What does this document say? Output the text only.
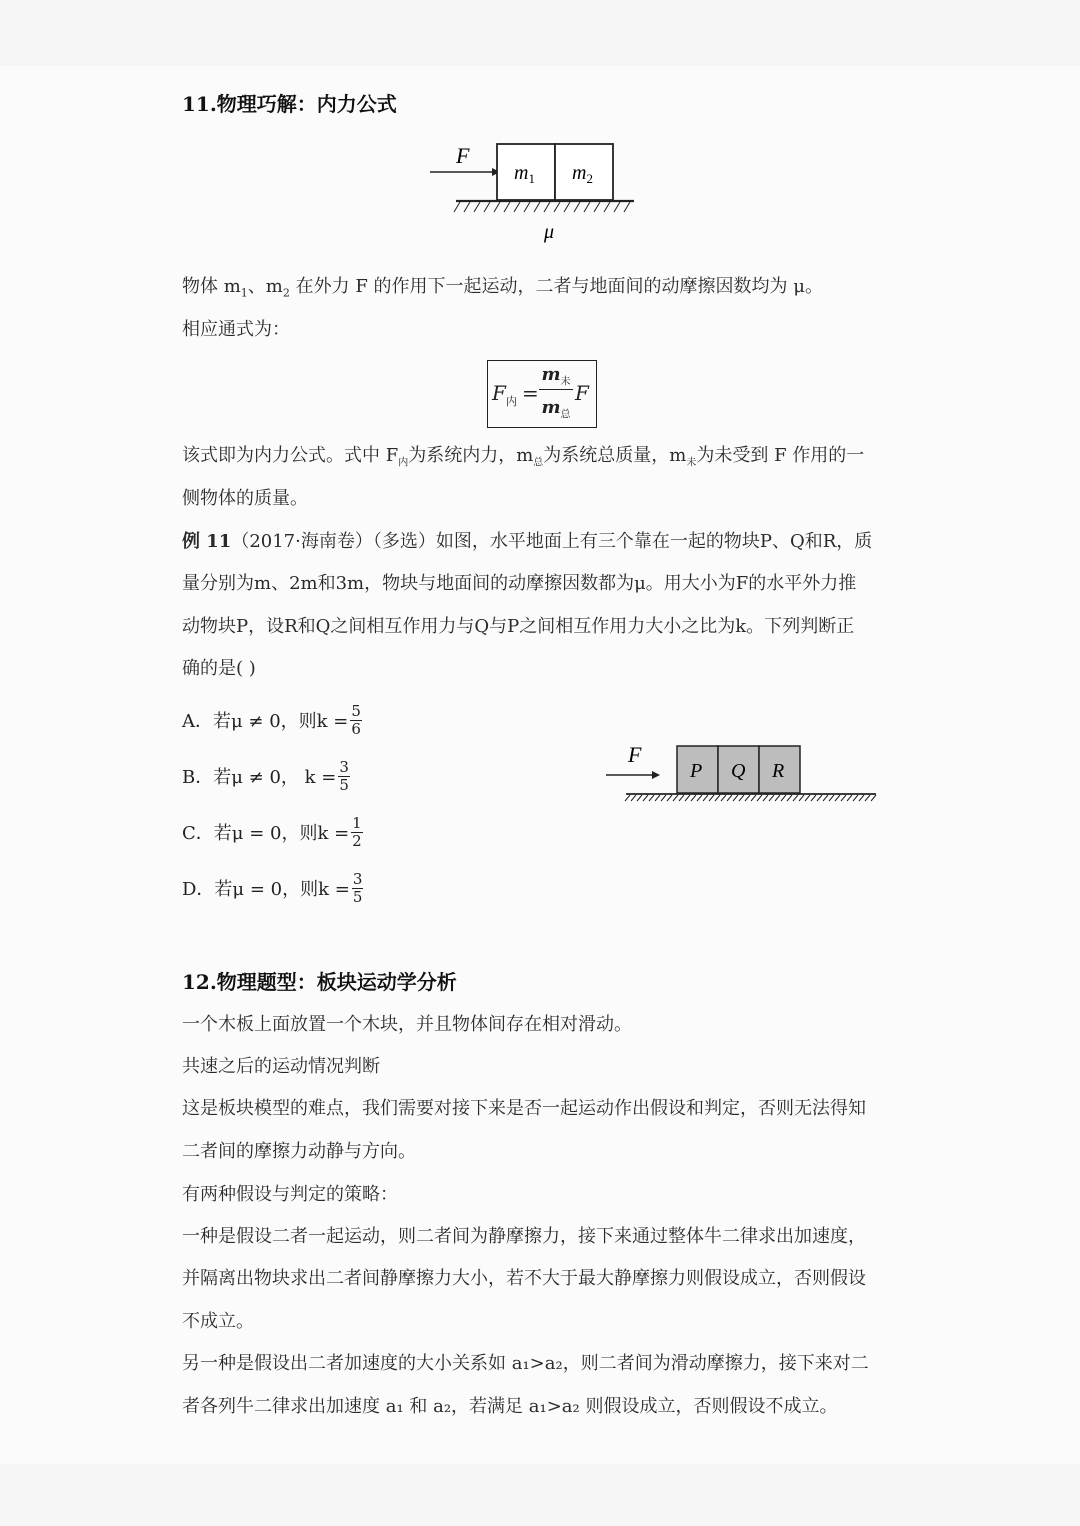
11.物理巧解：内力公式
F
$m_1$ $m_2$
μ
物体 $m_1$、$m_2$ 在外力 F 的作用下一起运动，二者与地面间的动摩擦因数均为 μ。
相应通式为：
$F_内$ =
$m_未$
$m_总$
F
该式即为内力公式。式中 $F_内$为系统内力，$m_总$为系统总质量，$m_未$为未受到 F 作用的一
侧物体的质量。
例 11（2017·海南卷）（多选）如图，水平地面上有三个靠在一起的物块P、Q和R，质
量分别为m、2m和3m，物块与地面间的动摩擦因数都为μ。用大小为F的水平外力推
动物块P，设R和Q之间相互作用力与Q与P之间相互作用力大小之比为k。下列判断正
确的是( )
A．若μ ≠ 0，则$k = \frac{5}{6}$
B．若μ ≠ 0， $k = \frac{3}{5}$
C．若μ = 0，则$k = \frac{1}{2}$
D．若μ = 0，则$k = \frac{3}{5}$
F
P Q R
12.物理题型：板块运动学分析
一个木板上面放置一个木块，并且物体间存在相对滑动。
共速之后的运动情况判断
这是板块模型的难点，我们需要对接下来是否一起运动作出假设和判定，否则无法得知
二者间的摩擦力动静与方向。
有两种假设与判定的策略：
一种是假设二者一起运动，则二者间为静摩擦力，接下来通过整体牛二律求出加速度，
并隔离出物块求出二者间静摩擦力大小，若不大于最大静摩擦力则假设成立，否则假设
不成立。
另一种是假设出二者加速度的大小关系如 a₁>a₂，则二者间为滑动摩擦力，接下来对二
者各列牛二律求出加速度 a₁ 和 a₂，若满足 a₁>a₂ 则假设成立，否则假设不成立。
